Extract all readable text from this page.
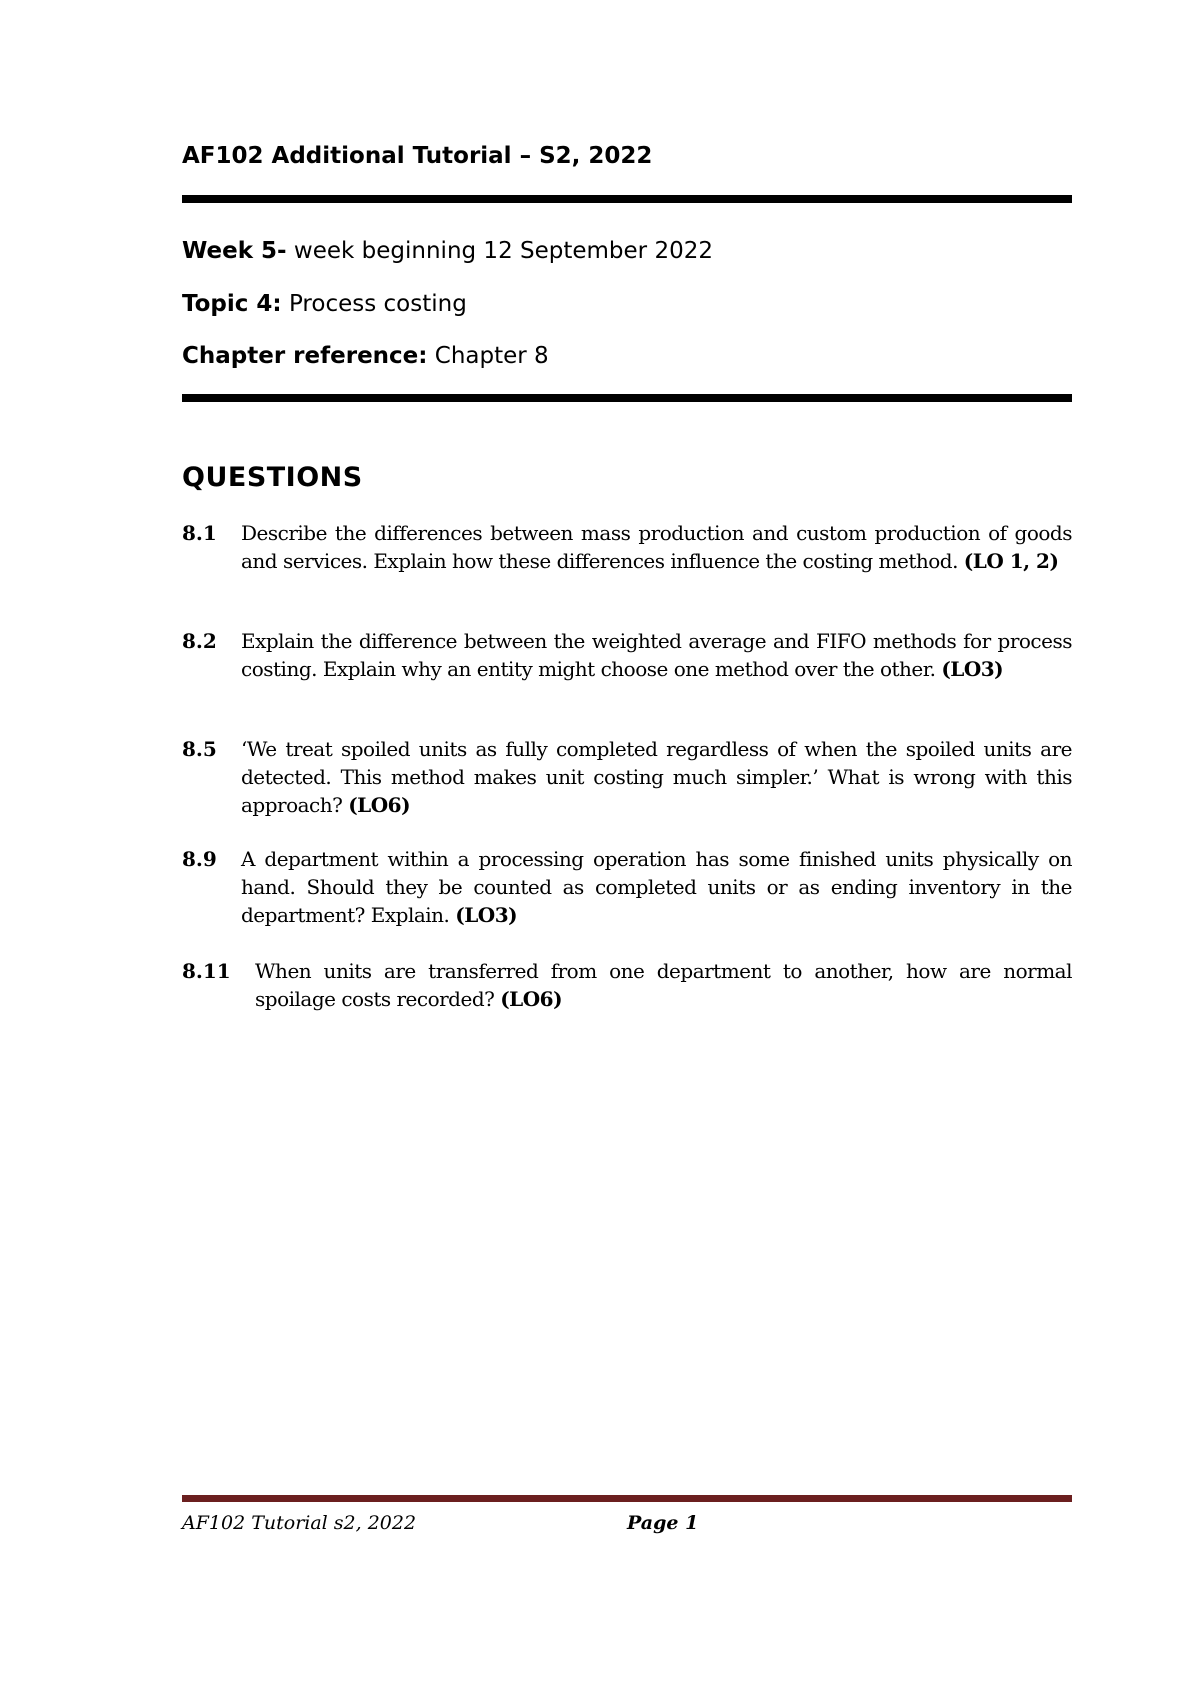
AF102 Additional Tutorial – S2, 2022
Week 5- week beginning 12 September 2022
Topic 4: Process costing
Chapter reference: Chapter 8
QUESTIONS
8.1 Describe the differences between mass production and custom production of goods and services. Explain how these differences influence the costing method. (LO 1, 2)
8.2 Explain the difference between the weighted average and FIFO methods for process costing. Explain why an entity might choose one method over the other. (LO3)
8.5 ‘We treat spoiled units as fully completed regardless of when the spoiled units are detected. This method makes unit costing much simpler.’ What is wrong with this approach? (LO6)
8.9 A department within a processing operation has some finished units physically on hand. Should they be counted as completed units or as ending inventory in the department? Explain. (LO3)
8.11 When units are transferred from one department to another, how are normal spoilage costs recorded? (LO6)
AF102 Tutorial s2, 2022	Page 1
